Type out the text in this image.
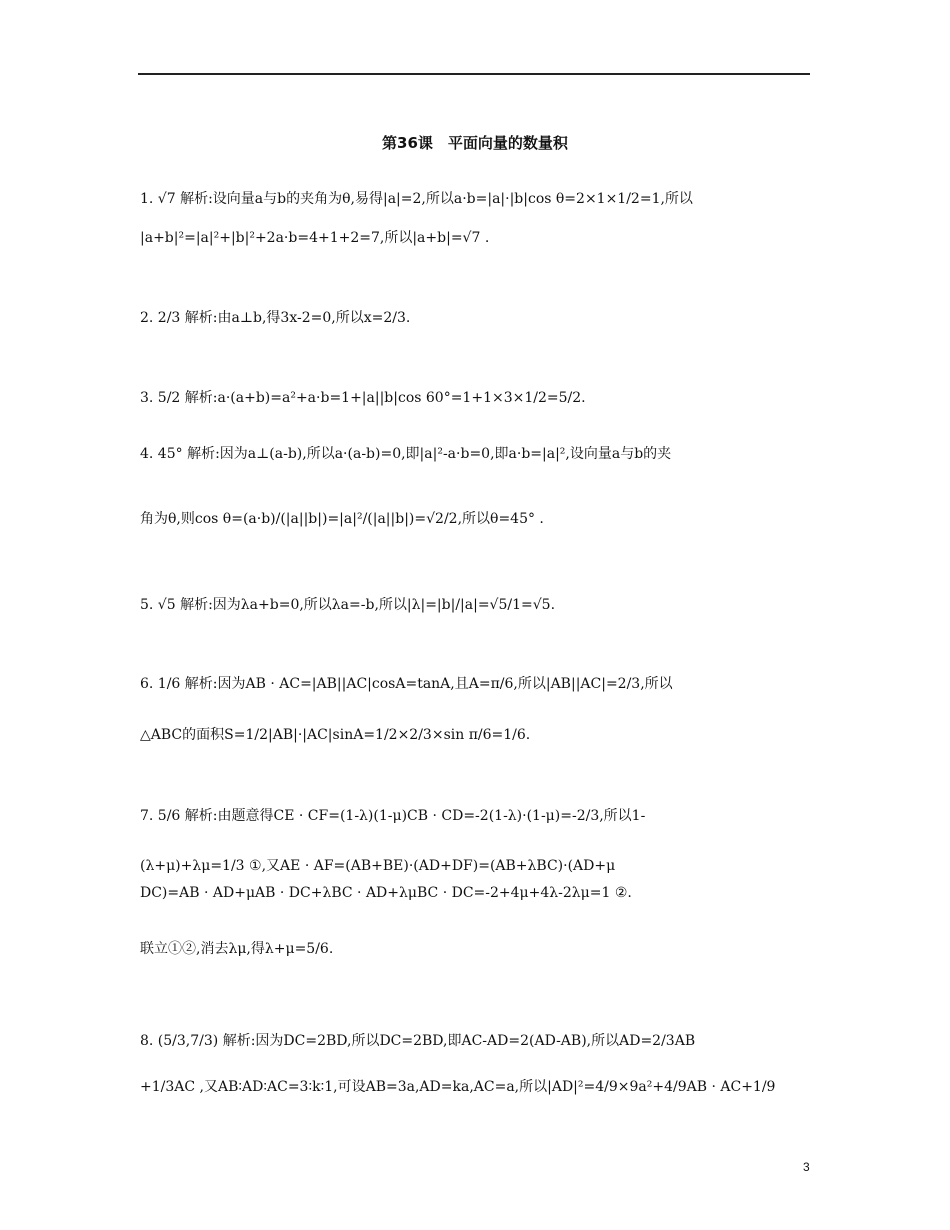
第36课　平面向量的数量积
1. √7 解析:设向量a与b的夹角为θ,易得|a|=2,所以a·b=|a|·|b|cos θ=2×1×1/2=1,所以
|a+b|²=|a|²+|b|²+2a·b=4+1+2=7,所以|a+b|=√7 .
2. 2/3 解析:由a⊥b,得3x-2=0,所以x=2/3.
3. 5/2 解析:a·(a+b)=a²+a·b=1+|a||b|cos 60°=1+1×3×1/2=5/2.
4. 45° 解析:因为a⊥(a-b),所以a·(a-b)=0,即|a|²-a·b=0,即a·b=|a|²,设向量a与b的夹
角为θ,则cos θ=(a·b)/(|a||b|)=|a|²/(|a||b|)=√2/2,所以θ=45° .
5. √5 解析:因为λa+b=0,所以λa=-b,所以|λ|=|b|/|a|=√5/1=√5.
6. 1/6 解析:因为AB · AC=|AB||AC|cosA=tanA,且A=π/6,所以|AB||AC|=2/3,所以
△ABC的面积S=1/2|AB|·|AC|sinA=1/2×2/3×sin π/6=1/6.
7. 5/6 解析:由题意得CE · CF=(1-λ)(1-μ)CB · CD=-2(1-λ)·(1-μ)=-2/3,所以1-
(λ+μ)+λμ=1/3 ①,又AE · AF=(AB+BE)·(AD+DF)=(AB+λBC)·(AD+μ
DC)=AB · AD+μAB · DC+λBC · AD+λμBC · DC=-2+4μ+4λ-2λμ=1 ②.
联立①②,消去λμ,得λ+μ=5/6.
8. (5/3,7/3) 解析:因为DC=2BD,所以DC=2BD,即AC-AD=2(AD-AB),所以AD=2/3AB
+1/3AC ,又AB∶AD∶AC=3∶k∶1,可设AB=3a,AD=ka,AC=a,所以|AD|²=4/9×9a²+4/9AB · AC+1/9
3
